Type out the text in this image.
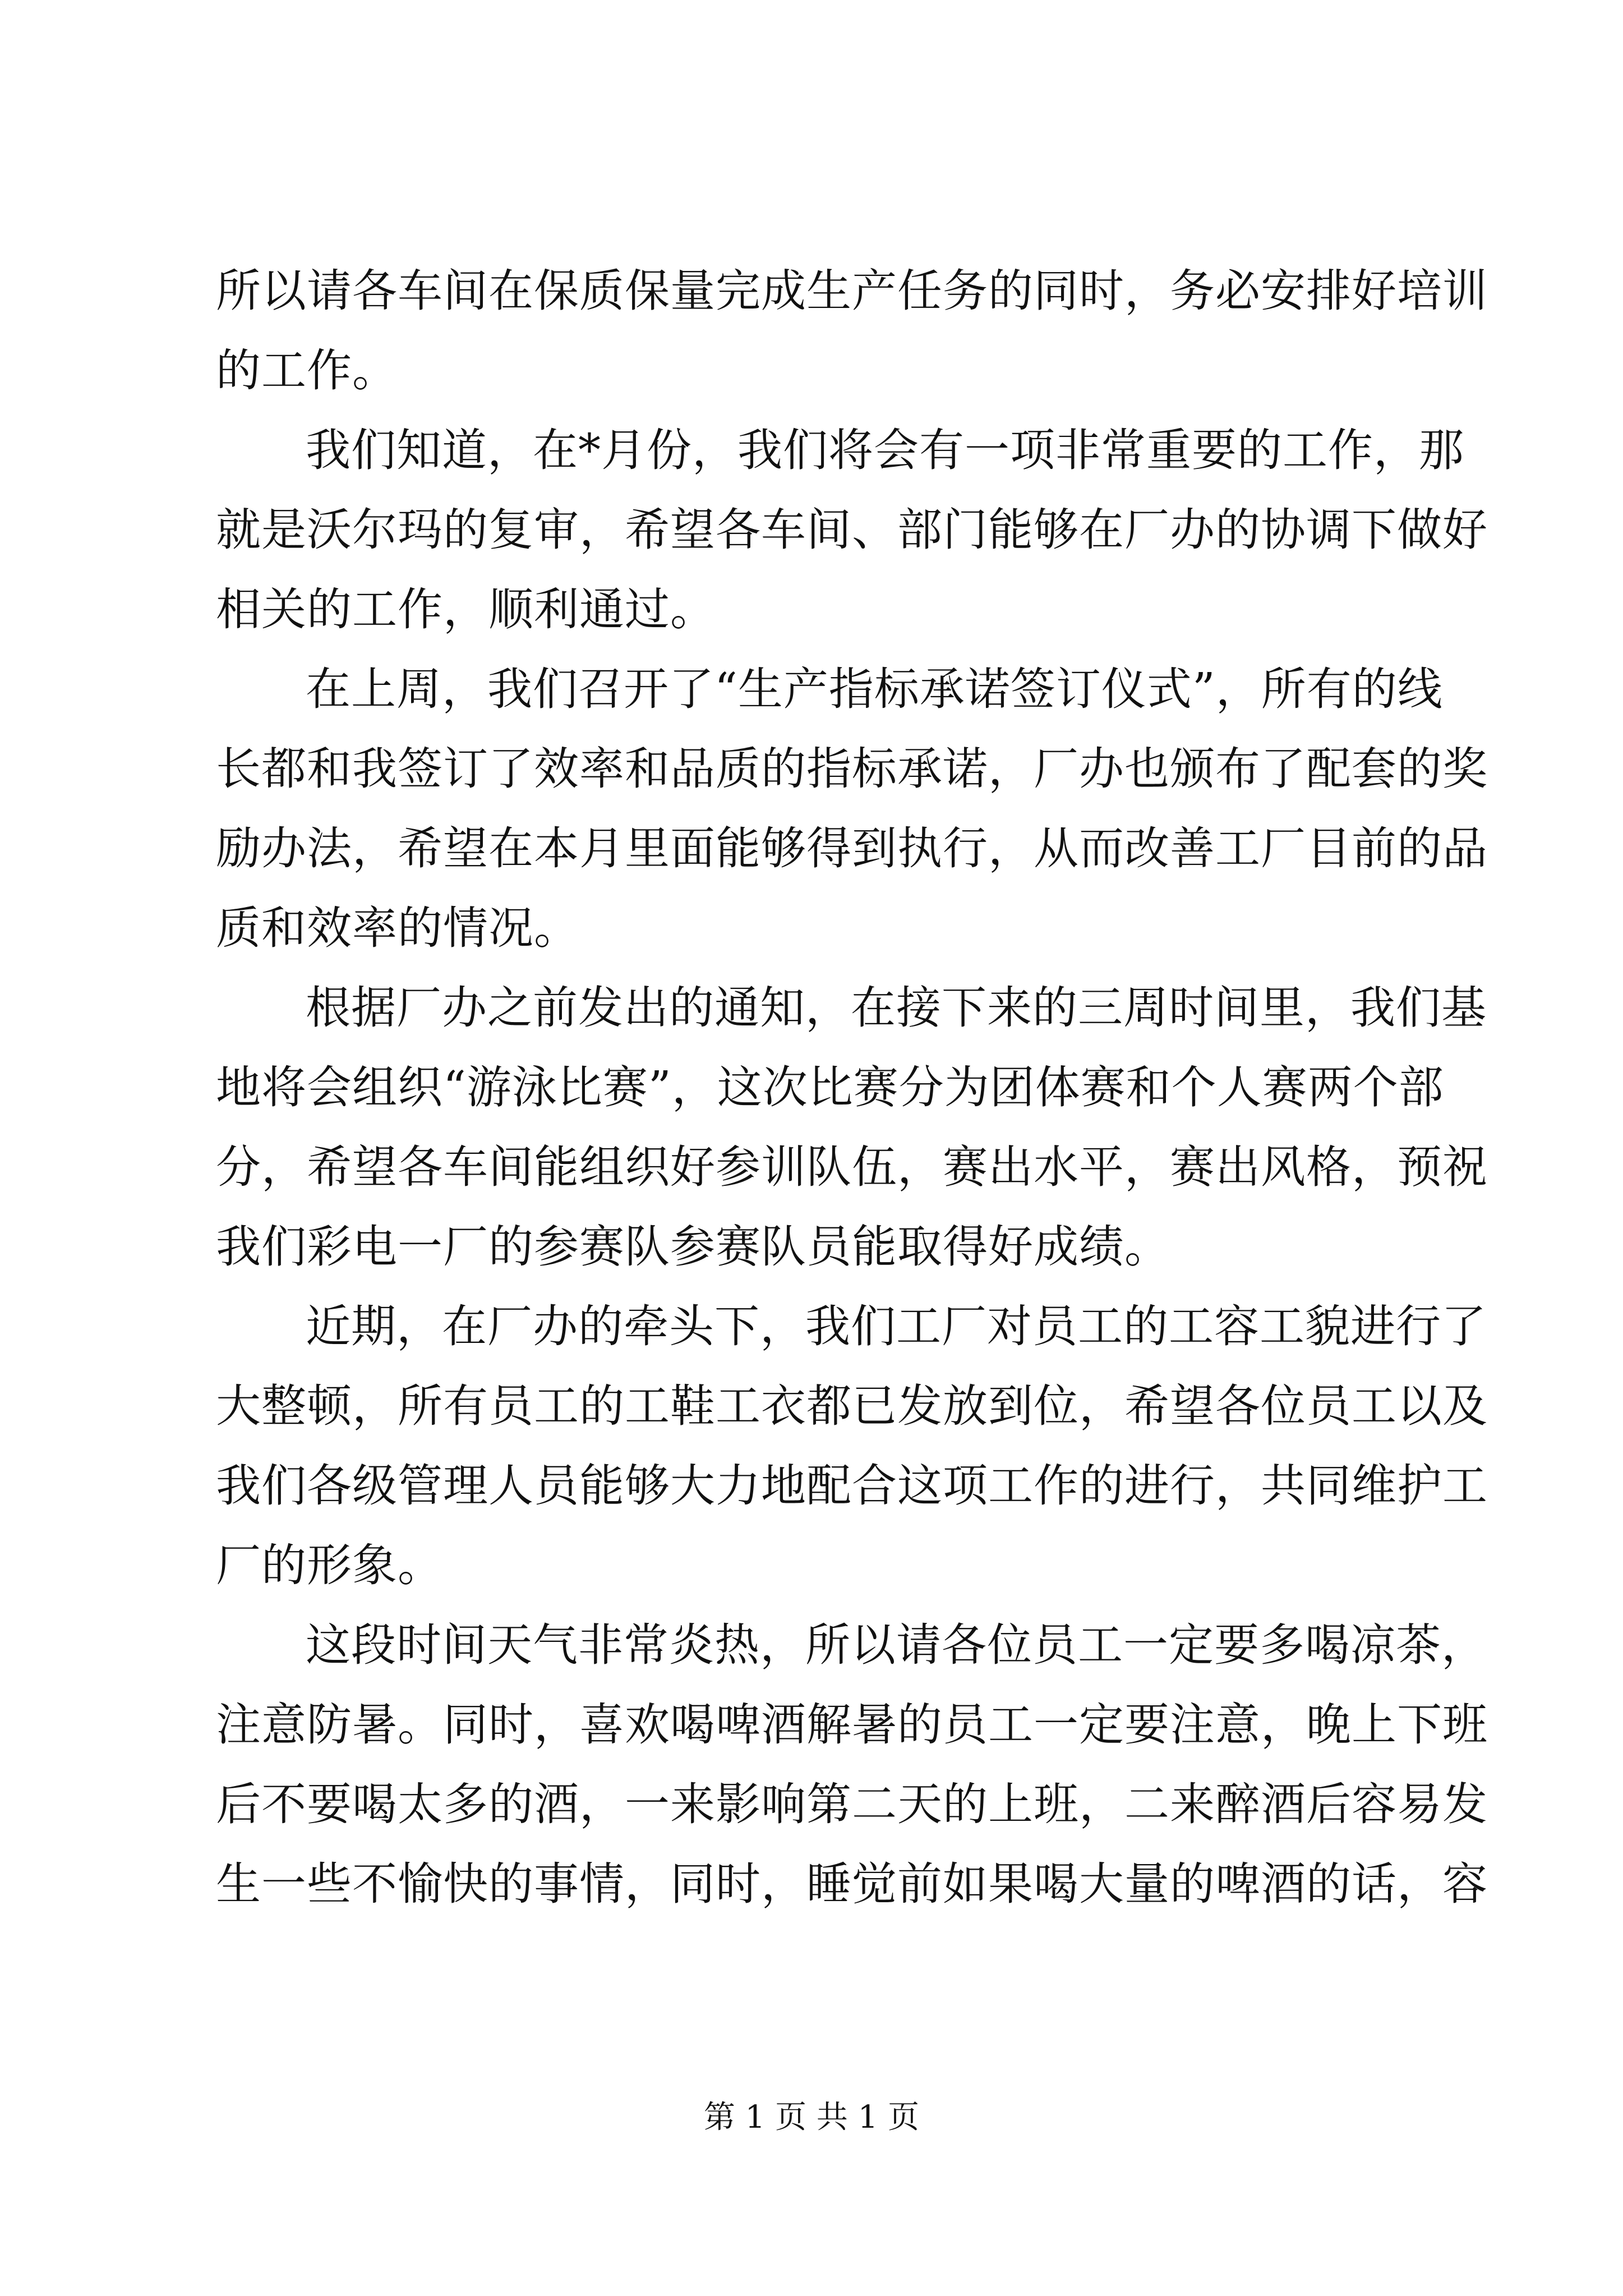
所以请各车间在保质保量完成生产任务的同时，务必安排好培训
的工作。
我们知道，在*月份，我们将会有一项非常重要的工作，那
就是沃尔玛的复审，希望各车间、部门能够在厂办的协调下做好
相关的工作，顺利通过。
在上周，我们召开了“生产指标承诺签订仪式”，所有的线
长都和我签订了效率和品质的指标承诺，厂办也颁布了配套的奖
励办法，希望在本月里面能够得到执行，从而改善工厂目前的品
质和效率的情况。
根据厂办之前发出的通知，在接下来的三周时间里，我们基
地将会组织“游泳比赛”，这次比赛分为团体赛和个人赛两个部
分，希望各车间能组织好参训队伍，赛出水平，赛出风格，预祝
我们彩电一厂的参赛队参赛队员能取得好成绩。
近期，在厂办的牵头下，我们工厂对员工的工容工貌进行了
大整顿，所有员工的工鞋工衣都已发放到位，希望各位员工以及
我们各级管理人员能够大力地配合这项工作的进行，共同维护工
厂的形象。
这段时间天气非常炎热，所以请各位员工一定要多喝凉茶，
注意防暑。同时，喜欢喝啤酒解暑的员工一定要注意，晚上下班
后不要喝太多的酒，一来影响第二天的上班，二来醉酒后容易发
生一些不愉快的事情，同时，睡觉前如果喝大量的啤酒的话，容
第 1 页 共 1 页
